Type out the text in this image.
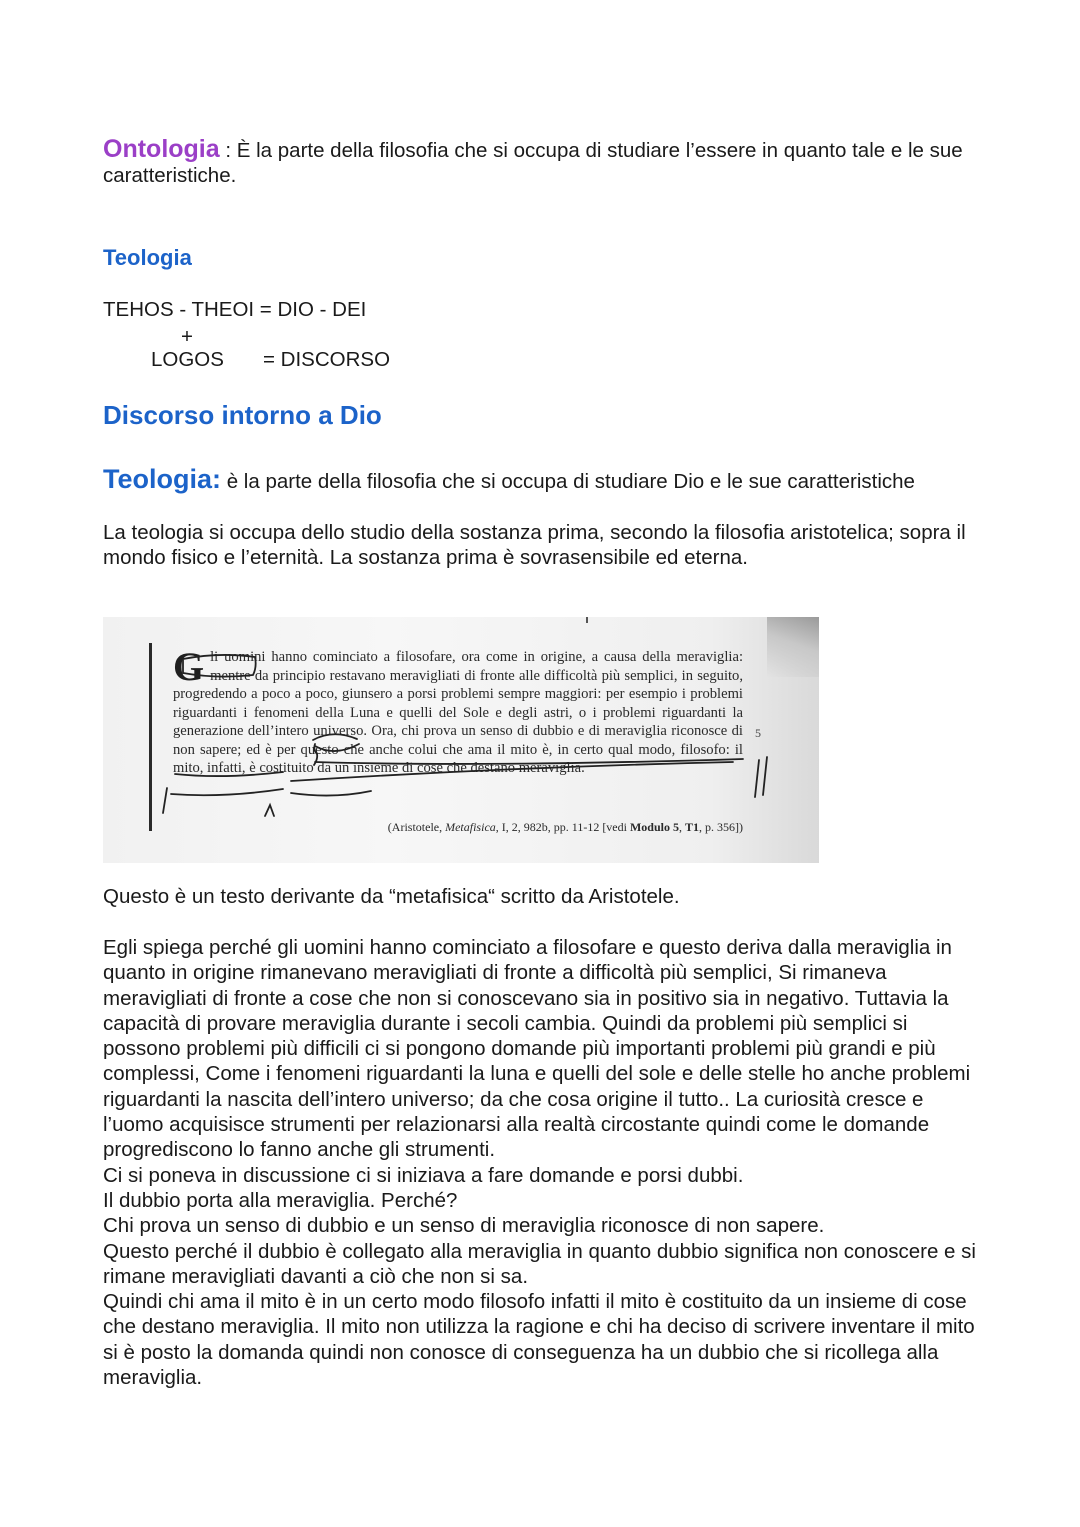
Ontologia : È la parte della filosofia che si occupa di studiare l’essere in quanto tale e le sue caratteristiche.

Teologia

TEHOS - THEOI = DIO - DEI
+
LOGOS = DISCORSO

Discorso intorno a Dio

Teologia: è la parte della filosofia che si occupa di studiare Dio e le sue caratteristiche

La teologia si occupa dello studio della sostanza prima, secondo la filosofia aristotelica; sopra il mondo fisico e l’eternità. La sostanza prima è sovrasensibile ed eterna.

Gli uomini hanno cominciato a filosofare, ora come in origine, a causa della meraviglia: mentre da principio restavano meravigliati di fronte alle difficoltà più semplici, in seguito, progredendo a poco a poco, giunsero a porsi problemi sempre maggiori: per esempio i problemi riguardanti i fenomeni della Luna e quelli del Sole e degli astri, o i problemi riguardanti la generazione dell’intero universo. Ora, chi prova un senso di dubbio e di meraviglia riconosce di non sapere; ed è per questo che anche colui che ama il mito è, in certo qual modo, filosofo: il mito, infatti, è costituito da un insieme di cose che destano meraviglia.

5
(Aristotele, Metafisica, I, 2, 982b, pp. 11-12 [vedi Modulo 5, T1, p. 356])

Questo è un testo derivante da “metafisica“ scritto da Aristotele.

Egli spiega perché gli uomini hanno cominciato a filosofare e questo deriva dalla meraviglia in quanto in origine rimanevano meravigliati di fronte a difficoltà più semplici, Si rimaneva meravigliati di fronte a cose che non si conoscevano sia in positivo sia in negativo. Tuttavia la capacità di provare meraviglia durante i secoli cambia. Quindi da problemi più semplici si possono problemi più difficili ci si pongono domande più importanti problemi più grandi e più complessi, Come i fenomeni riguardanti la luna e quelli del sole e delle stelle ho anche problemi riguardanti la nascita dell’intero universo; da che cosa origine il tutto.. La curiosità cresce e l’uomo acquisisce strumenti per relazionarsi alla realtà circostante quindi come le domande progrediscono lo fanno anche gli strumenti.
Ci si poneva in discussione ci si iniziava a fare domande e porsi dubbi.
Il dubbio porta alla meraviglia. Perché?
Chi prova un senso di dubbio e un senso di meraviglia riconosce di non sapere.
Questo perché il dubbio è collegato alla meraviglia in quanto dubbio significa non conoscere e si rimane meravigliati davanti a ciò che non si sa.
Quindi chi ama il mito è in un certo modo filosofo infatti il mito è costituito da un insieme di cose che destano meraviglia. Il mito non utilizza la ragione e chi ha deciso di scrivere inventare il mito si è posto la domanda quindi non conosce di conseguenza ha un dubbio che si ricollega alla meraviglia.
